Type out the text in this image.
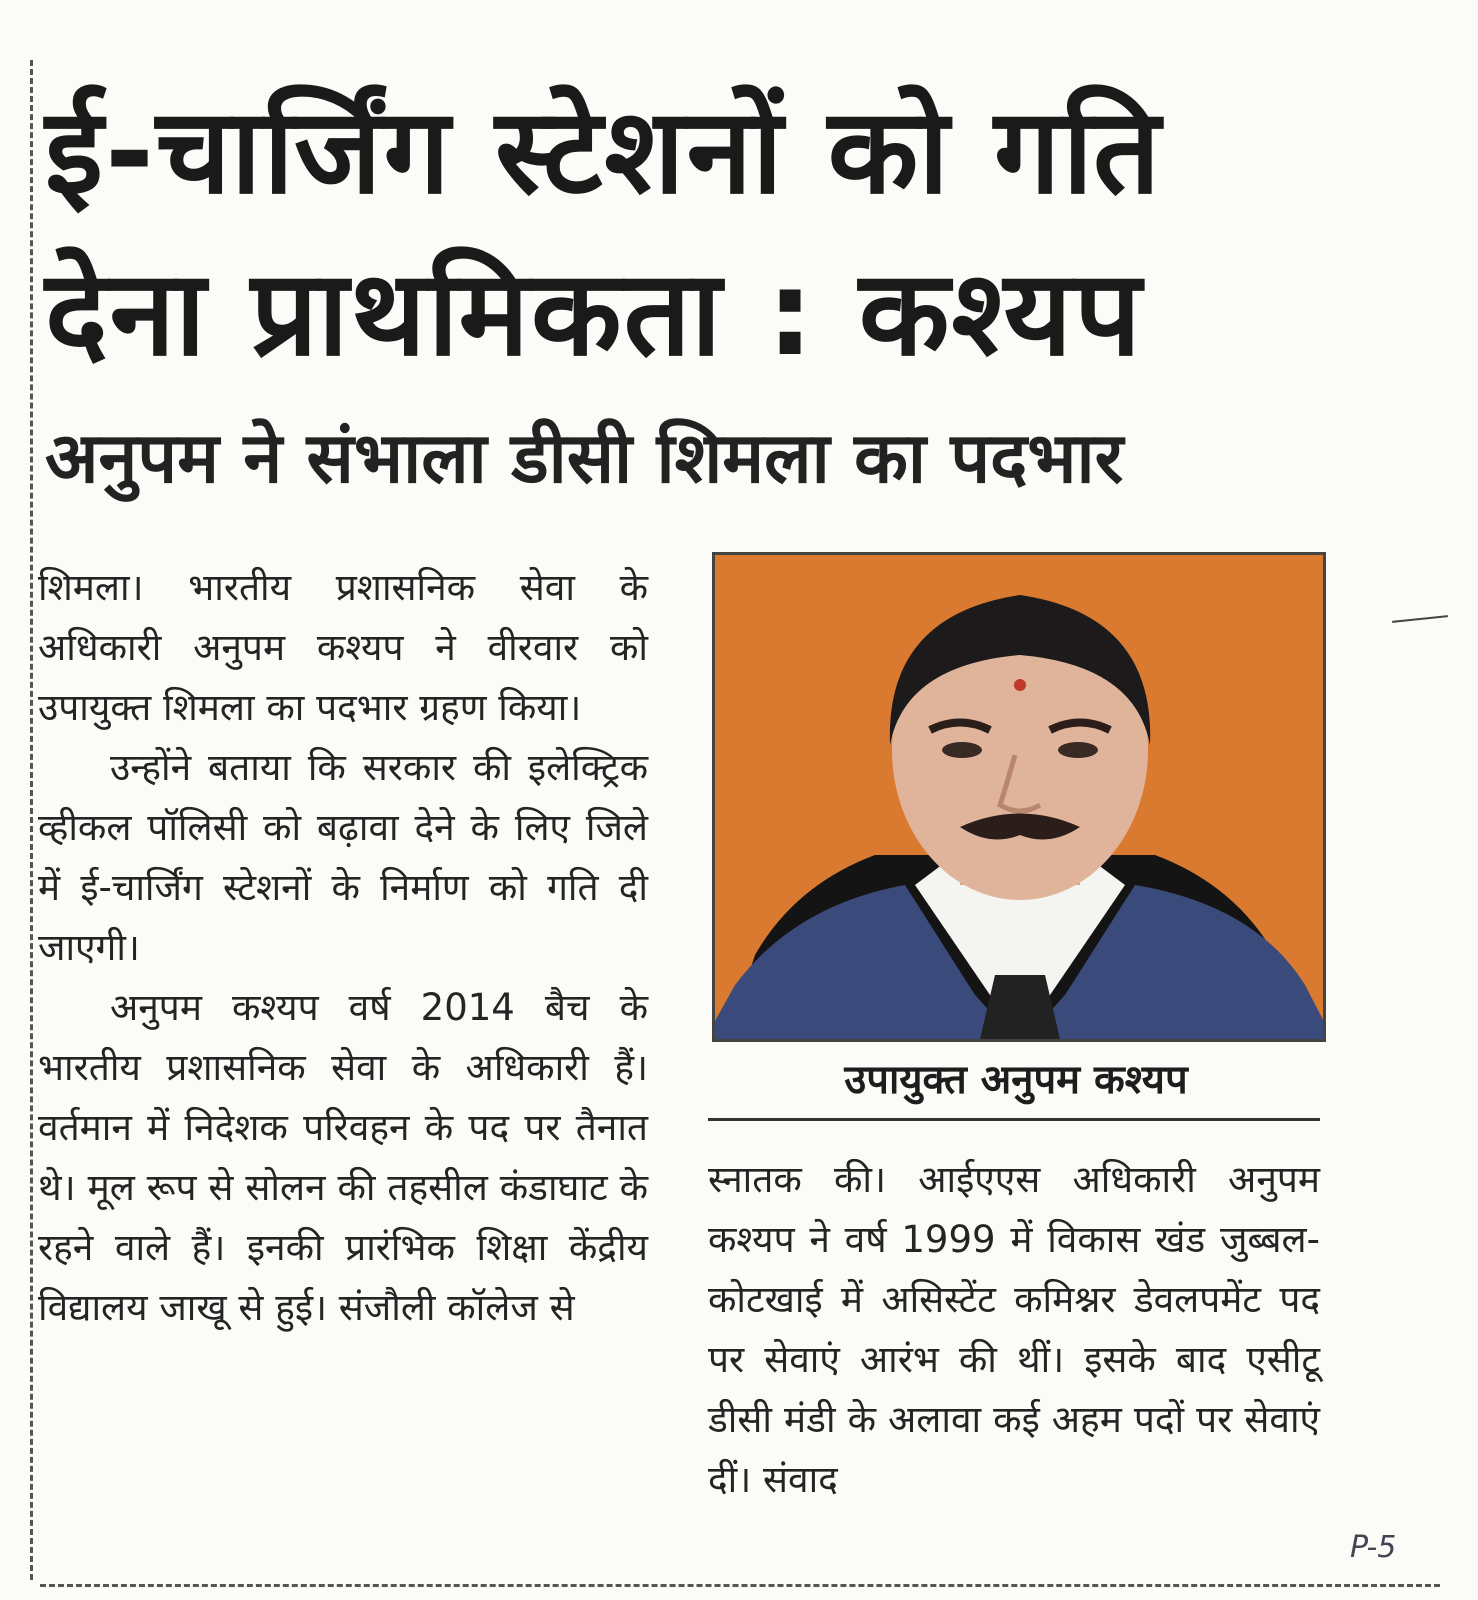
ई-चार्जिंग स्टेशनों को गति देना प्राथमिकता : कश्यप
अनुपम ने संभाला डीसी शिमला का पदभार

शिमला। भारतीय प्रशासनिक सेवा के अधिकारी अनुपम कश्यप ने वीरवार को उपायुक्त शिमला का पदभार ग्रहण किया।

उन्होंने बताया कि सरकार की इलेक्ट्रिक व्हीकल पॉलिसी को बढ़ावा देने के लिए जिले में ई-चार्जिंग स्टेशनों के निर्माण को गति दी जाएगी।

अनुपम कश्यप वर्ष 2014 बैच के भारतीय प्रशासनिक सेवा के अधिकारी हैं। वर्तमान में निदेशक परिवहन के पद पर तैनात थे। मूल रूप से सोलन की तहसील कंडाघाट के रहने वाले हैं। इनकी प्रारंभिक शिक्षा केंद्रीय विद्यालय जाखू से हुई। संजौली कॉलेज से

उपायुक्त अनुपम कश्यप

स्नातक की। आईएएस अधिकारी अनुपम कश्यप ने वर्ष 1999 में विकास खंड जुब्बल-कोटखाई में असिस्टेंट कमिश्नर डेवलपमेंट पद पर सेवाएं आरंभ की थीं। इसके बाद एसीटू डीसी मंडी के अलावा कई अहम पदों पर सेवाएं दीं। संवाद

P-5
